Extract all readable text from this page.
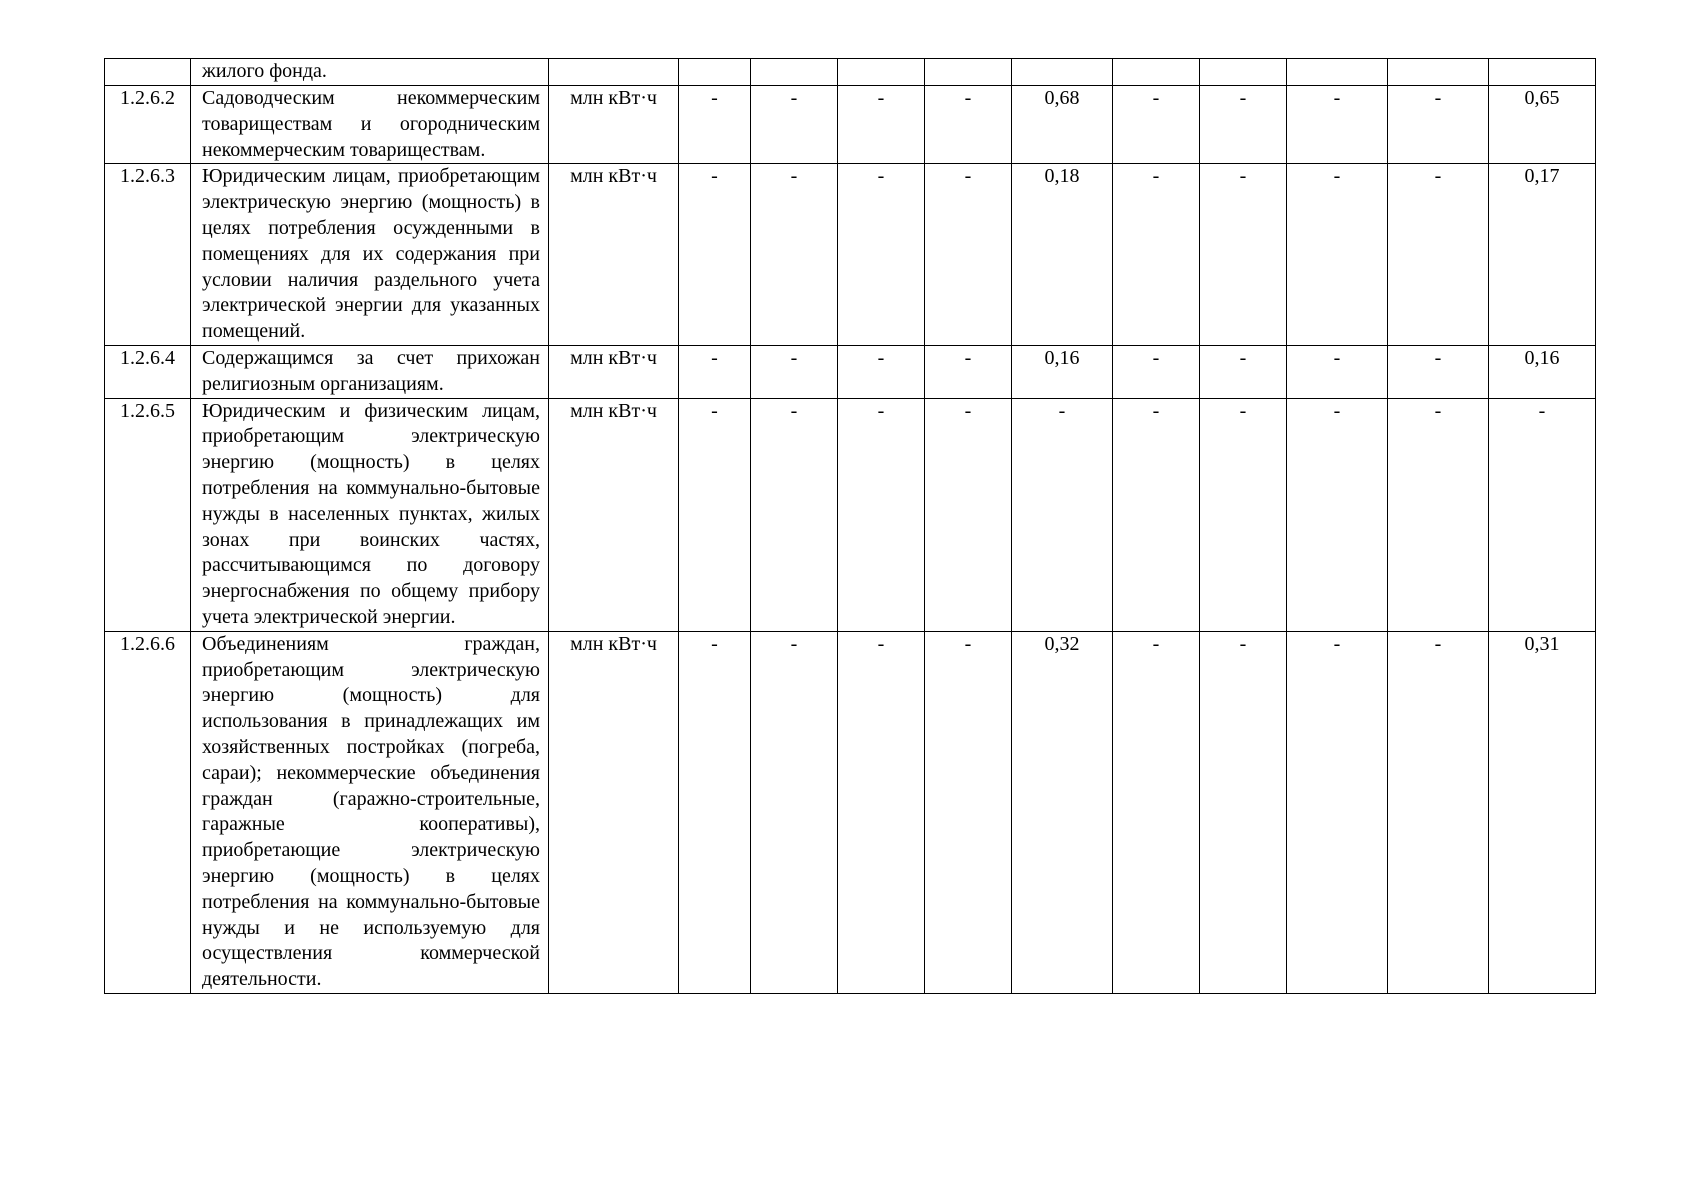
	жилого фонда.											
1.2.6.2	Садоводческим некоммерческим товариществам и огородническим некоммерческим товариществам.	млн кВт·ч	-	-	-	-	0,68	-	-	-	-	0,65
1.2.6.3	Юридическим лицам, приобретающим электрическую энергию (мощность) в целях потребления осужденными в помещениях для их содержания при условии наличия раздельного учета электрической энергии для указанных помещений.	млн кВт·ч	-	-	-	-	0,18	-	-	-	-	0,17
1.2.6.4	Содержащимся за счет прихожан религиозным организациям.	млн кВт·ч	-	-	-	-	0,16	-	-	-	-	0,16
1.2.6.5	Юридическим и физическим лицам, приобретающим электрическую энергию (мощность) в целях потребления на коммунально-бытовые нужды в населенных пунктах, жилых зонах при воинских частях, рассчитывающимся по договору энергоснабжения по общему прибору учета электрической энергии.	млн кВт·ч	-	-	-	-	-	-	-	-	-	-
1.2.6.6	Объединениям граждан, приобретающим электрическую энергию (мощность) для использования в принадлежащих им хозяйственных постройках (погреба, сараи); некоммерческие объединения граждан (гаражно-строительные, гаражные кооперативы), приобретающие электрическую энергию (мощность) в целях потребления на коммунально-бытовые нужды и не используемую для осуществления коммерческой деятельности.	млн кВт·ч	-	-	-	-	0,32	-	-	-	-	0,31
